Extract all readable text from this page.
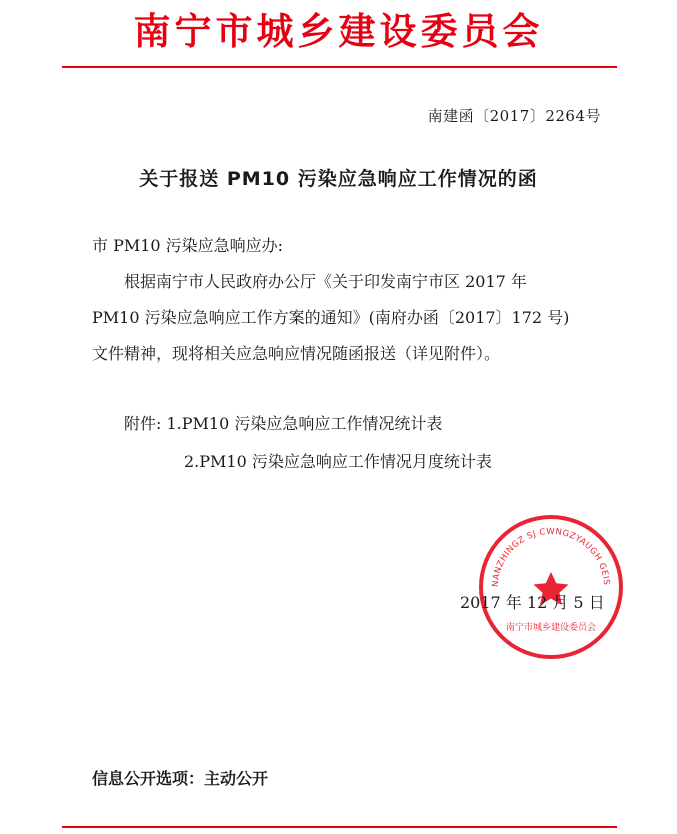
南宁市城乡建设委员会
南建函〔2017〕2264号
关于报送 PM10 污染应急响应工作情况的函
市 PM10 污染应急响应办:
根据南宁市人民政府办公厅《关于印发南宁市区 2017 年
PM10 污染应急响应工作方案的通知》(南府办函〔2017〕172 号)
文件精神，现将相关应急响应情况随函报送（详见附件）。
附件: 1.PM10 污染应急响应工作情况统计表
2.PM10 污染应急响应工作情况月度统计表
NANZHINGZ SJ CWNGZYAUGH GEIS
南宁市城乡建设委员会
2017 年 12 月 5 日
信息公开选项：主动公开
